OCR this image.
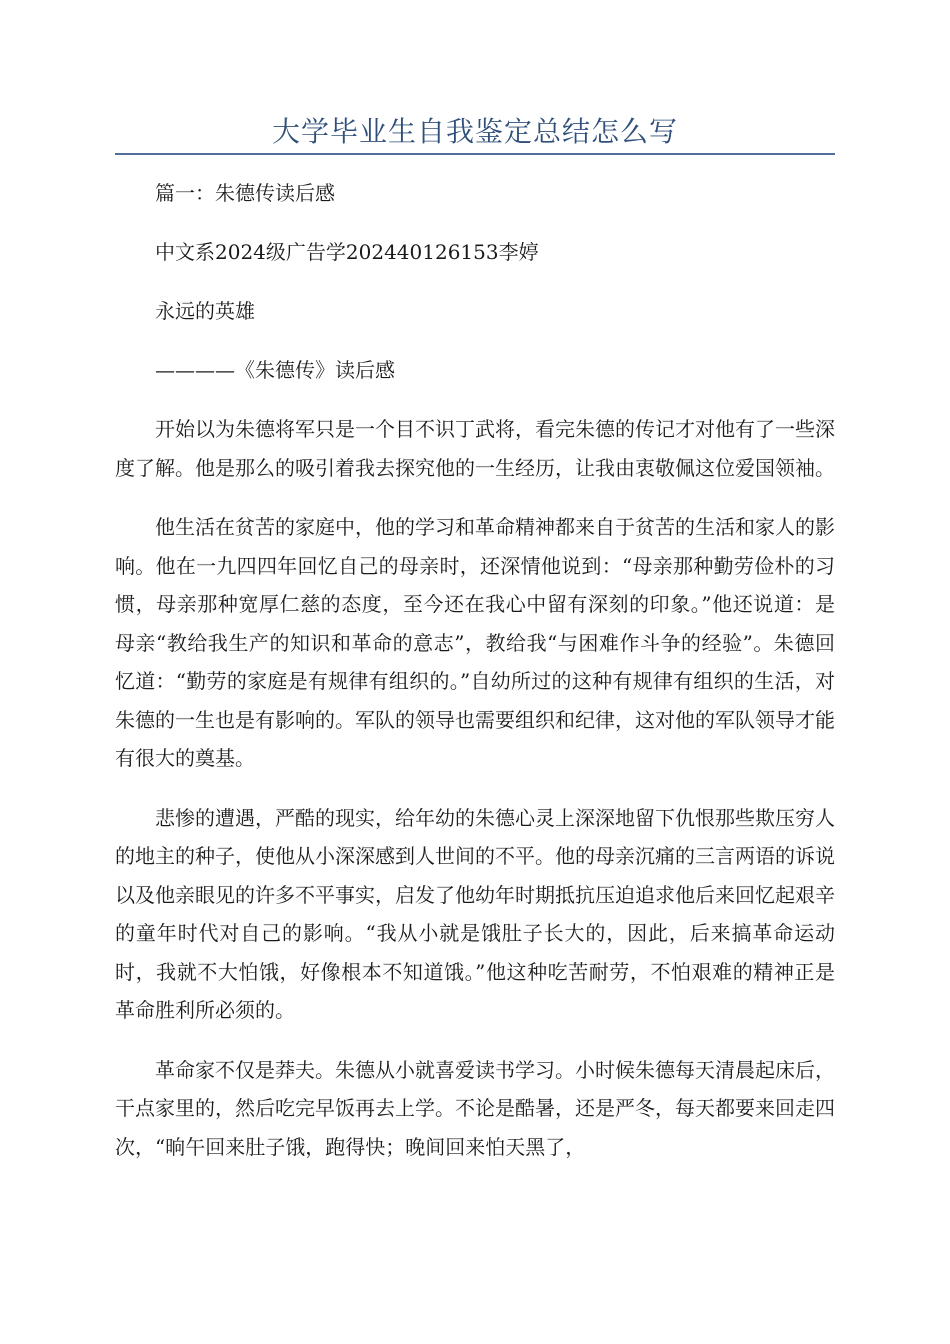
大学毕业生自我鉴定总结怎么写

篇一：朱德传读后感

中文系2024级广告学202440126153李婷

永远的英雄

————《朱德传》读后感

开始以为朱德将军只是一个目不识丁武将，看完朱德的传记才对他有了一些深度了解。他是那么的吸引着我去探究他的一生经历，让我由衷敬佩这位爱国领袖。

他生活在贫苦的家庭中，他的学习和革命精神都来自于贫苦的生活和家人的影响。他在一九四四年回忆自己的母亲时，还深情他说到：“母亲那种勤劳俭朴的习惯，母亲那种宽厚仁慈的态度，至今还在我心中留有深刻的印象。”他还说道：是母亲“教给我生产的知识和革命的意志”，教给我“与困难作斗争的经验”。朱德回忆道：“勤劳的家庭是有规律有组织的。”自幼所过的这种有规律有组织的生活，对朱德的一生也是有影响的。军队的领导也需要组织和纪律，这对他的军队领导才能有很大的奠基。

悲惨的遭遇，严酷的现实，给年幼的朱德心灵上深深地留下仇恨那些欺压穷人的地主的种子，使他从小深深感到人世间的不平。他的母亲沉痛的三言两语的诉说以及他亲眼见的许多不平事实，启发了他幼年时期抵抗压迫追求他后来回忆起艰辛的童年时代对自己的影响。“我从小就是饿肚子长大的，因此，后来搞革命运动时，我就不大怕饿，好像根本不知道饿。”他这种吃苦耐劳，不怕艰难的精神正是革命胜利所必须的。

革命家不仅是莽夫。朱德从小就喜爱读书学习。小时候朱德每天清晨起床后，干点家里的，然后吃完早饭再去上学。不论是酷暑，还是严冬，每天都要来回走四次，“晌午回来肚子饿，跑得快；晚间回来怕天黑了，
